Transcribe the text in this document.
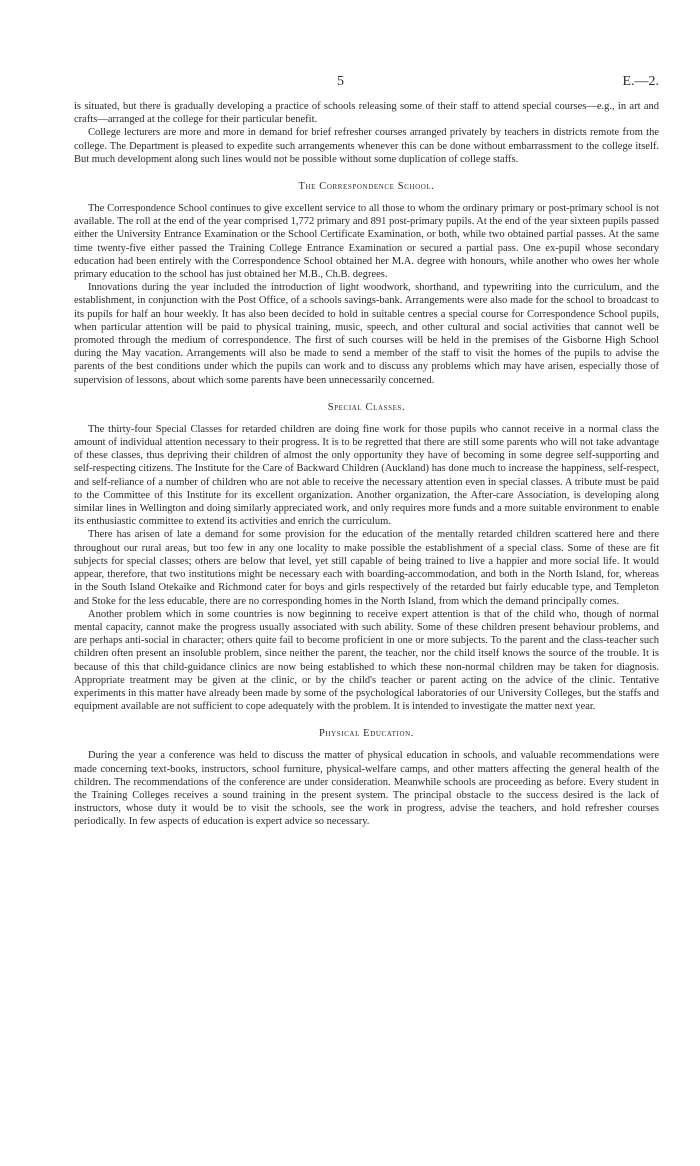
5	E.—2.

is situated, but there is gradually developing a practice of schools releasing some of their staff to attend special courses—e.g., in art and crafts—arranged at the college for their particular benefit.

College lecturers are more and more in demand for brief refresher courses arranged privately by teachers in districts remote from the college. The Department is pleased to expedite such arrangements whenever this can be done without embarrassment to the college itself. But much development along such lines would not be possible without some duplication of college staffs.

The Correspondence School.

The Correspondence School continues to give excellent service to all those to whom the ordinary primary or post-primary school is not available. The roll at the end of the year comprised 1,772 primary and 891 post-primary pupils. At the end of the year sixteen pupils passed either the University Entrance Examination or the School Certificate Examination, or both, while two obtained partial passes. At the same time twenty-five either passed the Training College Entrance Examination or secured a partial pass. One ex-pupil whose secondary education had been entirely with the Correspondence School obtained her M.A. degree with honours, while another who owes her whole primary education to the school has just obtained her M.B., Ch.B. degrees.

Innovations during the year included the introduction of light woodwork, shorthand, and typewriting into the curriculum, and the establishment, in conjunction with the Post Office, of a schools savings-bank. Arrangements were also made for the school to broadcast to its pupils for half an hour weekly. It has also been decided to hold in suitable centres a special course for Correspondence School pupils, when particular attention will be paid to physical training, music, speech, and other cultural and social activities that cannot well be promoted through the medium of correspondence. The first of such courses will be held in the premises of the Gisborne High School during the May vacation. Arrangements will also be made to send a member of the staff to visit the homes of the pupils to advise the parents of the best conditions under which the pupils can work and to discuss any problems which may have arisen, especially those of supervision of lessons, about which some parents have been unnecessarily concerned.

Special Classes.

The thirty-four Special Classes for retarded children are doing fine work for those pupils who cannot receive in a normal class the amount of individual attention necessary to their progress. It is to be regretted that there are still some parents who will not take advantage of these classes, thus depriving their children of almost the only opportunity they have of becoming in some degree self-supporting and self-respecting citizens. The Institute for the Care of Backward Children (Auckland) has done much to increase the happiness, self-respect, and self-reliance of a number of children who are not able to receive the necessary attention even in special classes. A tribute must be paid to the Committee of this Institute for its excellent organization. Another organization, the After-care Association, is developing along similar lines in Wellington and doing similarly appreciated work, and only requires more funds and a more suitable environment to enable its enthusiastic committee to extend its activities and enrich the curriculum.

There has arisen of late a demand for some provision for the education of the mentally retarded children scattered here and there throughout our rural areas, but too few in any one locality to make possible the establishment of a special class. Some of these are fit subjects for special classes; others are below that level, yet still capable of being trained to live a happier and more social life. It would appear, therefore, that two institutions might be necessary each with boarding-accommodation, and both in the North Island, for, whereas in the South Island Otekaike and Richmond cater for boys and girls respectively of the retarded but fairly educable type, and Templeton and Stoke for the less educable, there are no corresponding homes in the North Island, from which the demand principally comes.

Another problem which in some countries is now beginning to receive expert attention is that of the child who, though of normal mental capacity, cannot make the progress usually associated with such ability. Some of these children present behaviour problems, and are perhaps anti-social in character; others quite fail to become proficient in one or more subjects. To the parent and the class-teacher such children often present an insoluble problem, since neither the parent, the teacher, nor the child itself knows the source of the trouble. It is because of this that child-guidance clinics are now being established to which these non-normal children may be taken for diagnosis. Appropriate treatment may be given at the clinic, or by the child's teacher or parent acting on the advice of the clinic. Tentative experiments in this matter have already been made by some of the psychological laboratories of our University Colleges, but the staffs and equipment available are not sufficient to cope adequately with the problem. It is intended to investigate the matter next year.

Physical Education.

During the year a conference was held to discuss the matter of physical education in schools, and valuable recommendations were made concerning text-books, instructors, school furniture, physical-welfare camps, and other matters affecting the general health of the children. The recommendations of the conference are under consideration. Meanwhile schools are proceeding as before. Every student in the Training Colleges receives a sound training in the present system. The principal obstacle to the success desired is the lack of instructors, whose duty it would be to visit the schools, see the work in progress, advise the teachers, and hold refresher courses periodically. In few aspects of education is expert advice so necessary.
